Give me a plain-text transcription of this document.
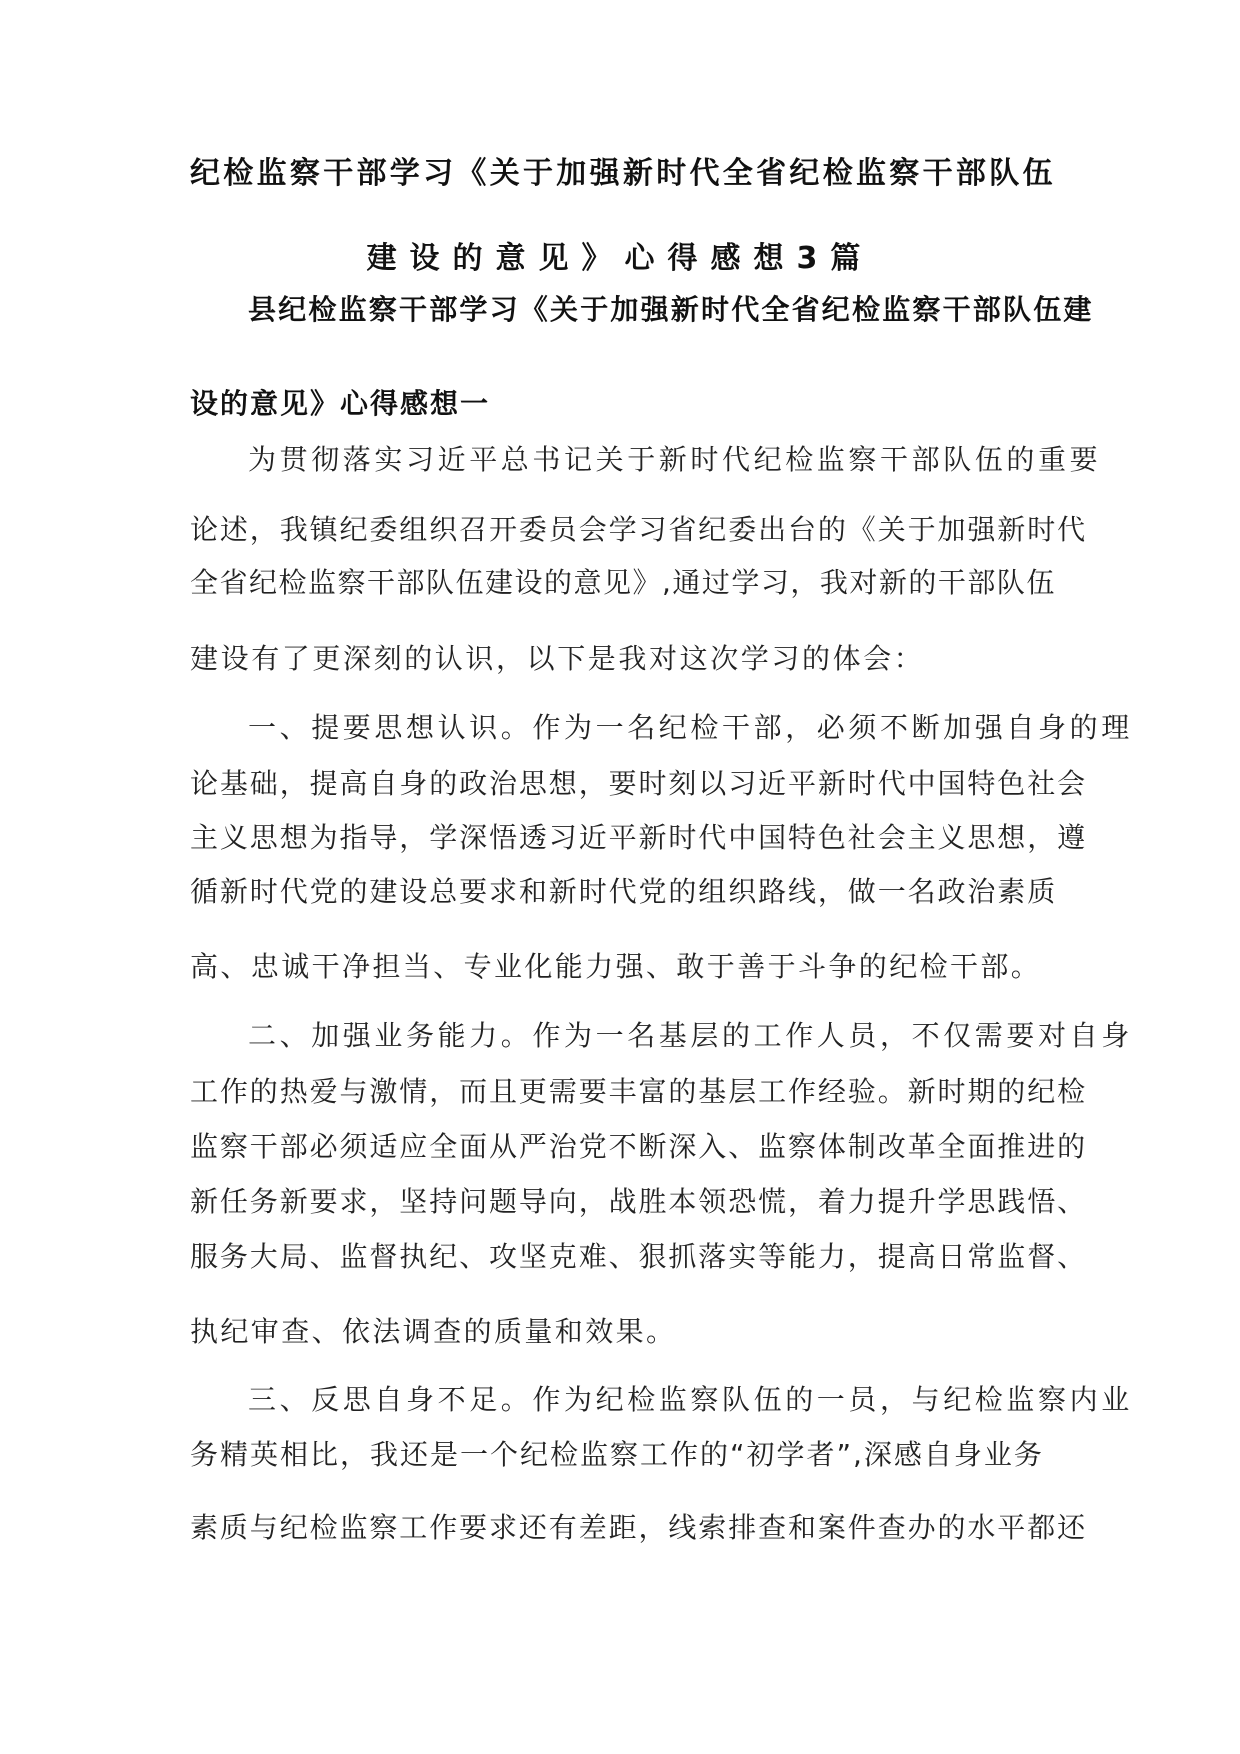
纪检监察干部学习《关于加强新时代全省纪检监察干部队伍
建设的意见》心得感想3篇
县纪检监察干部学习《关于加强新时代全省纪检监察干部队伍建
设的意见》心得感想一
为贯彻落实习近平总书记关于新时代纪检监察干部队伍的重要
论述，我镇纪委组织召开委员会学习省纪委出台的《关于加强新时代
全省纪检监察干部队伍建设的意见》,通过学习，我对新的干部队伍
建设有了更深刻的认识，以下是我对这次学习的体会：
一、提要思想认识。作为一名纪检干部，必须不断加强自身的理
论基础，提高自身的政治思想，要时刻以习近平新时代中国特色社会
主义思想为指导，学深悟透习近平新时代中国特色社会主义思想，遵
循新时代党的建设总要求和新时代党的组织路线，做一名政治素质
高、忠诚干净担当、专业化能力强、敢于善于斗争的纪检干部。
二、加强业务能力。作为一名基层的工作人员，不仅需要对自身
工作的热爱与激情，而且更需要丰富的基层工作经验。新时期的纪检
监察干部必须适应全面从严治党不断深入、监察体制改革全面推进的
新任务新要求，坚持问题导向，战胜本领恐慌，着力提升学思践悟、
服务大局、监督执纪、攻坚克难、狠抓落实等能力，提高日常监督、
执纪审查、依法调查的质量和效果。
三、反思自身不足。作为纪检监察队伍的一员，与纪检监察内业
务精英相比，我还是一个纪检监察工作的“初学者”,深感自身业务
素质与纪检监察工作要求还有差距，线索排查和案件查办的水平都还
